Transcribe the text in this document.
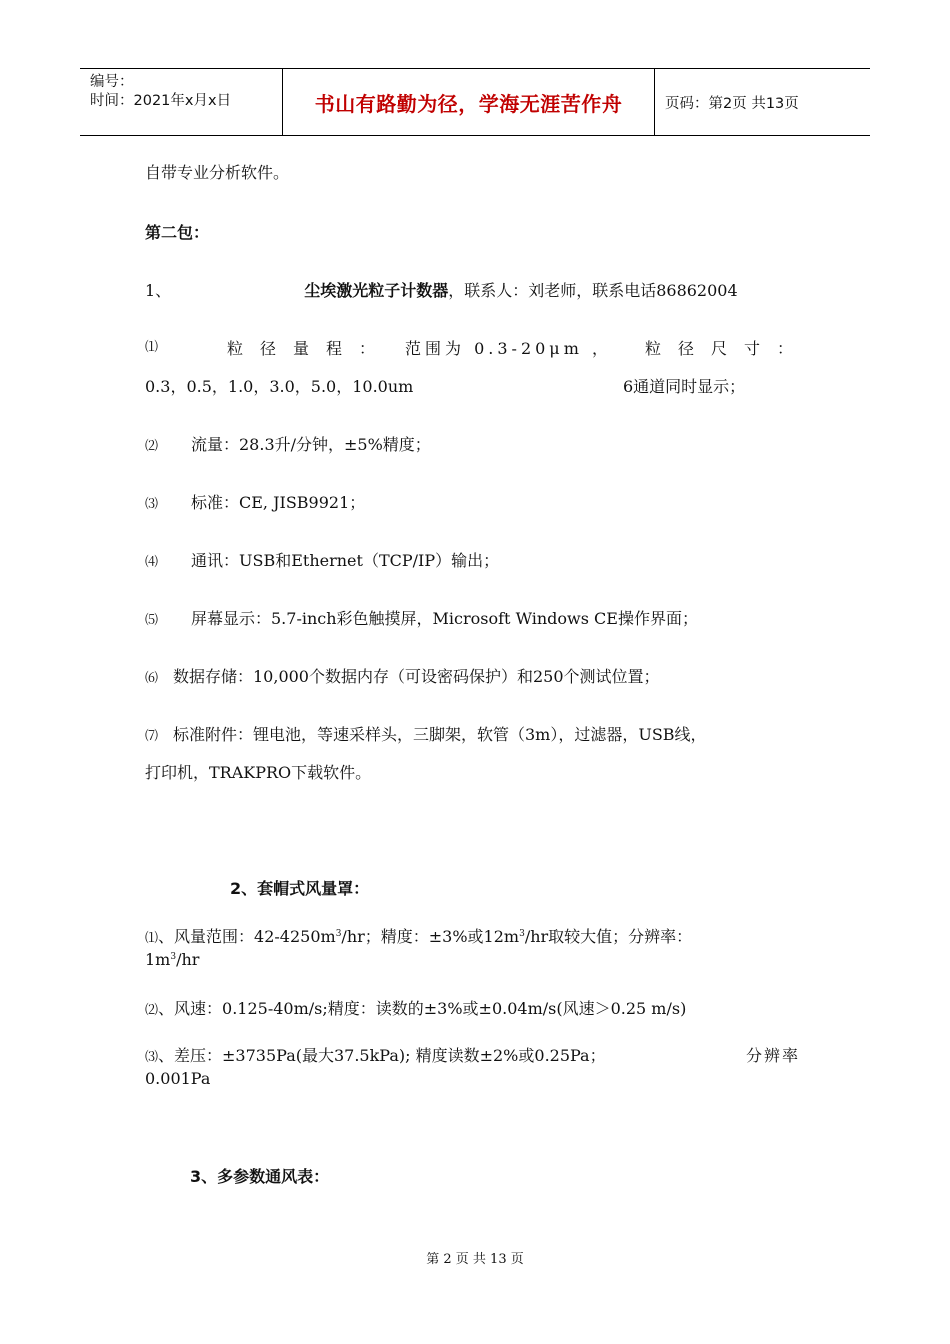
编号：
时间：2021年x月x日	书山有路勤为径，学海无涯苦作舟	页码：第2页 共13页
自带专业分析软件。
第二包：
1、	尘埃激光粒子计数器，联系人：刘老师，联系电话86862004
⑴	粒径量程： 范围为 0.3-20μm ， 粒径尺寸：
0.3，0.5，1.0，3.0，5.0，10.0um	6通道同时显示；
⑵ 流量：28.3升/分钟，±5%精度；
⑶ 标准：CE, JISB9921；
⑷ 通讯：USB和Ethernet（TCP/IP）输出；
⑸ 屏幕显示：5.7-inch彩色触摸屏，Microsoft Windows CE操作界面；
⑹ 数据存储：10,000个数据内存（可设密码保护）和250个测试位置；
⑺ 标准附件：锂电池，等速采样头，三脚架，软管（3m），过滤器，USB线，
打印机，TRAKPRO下载软件。
2、套帽式风量罩：
⑴、风量范围：$42-4250m^3/hr$；精度：±3%或$12m^3/hr$取较大值；分辨率：
$1m^3/hr$
⑵、风速：0.125-40m/s;精度：读数的±3%或±0.04m/s(风速＞0.25 m/s)
⑶、差压：±3735Pa(最大37.5kPa); 精度读数±2%或0.25Pa；	分辨率
0.001Pa
3、多参数通风表：
第 2 页 共 13 页
